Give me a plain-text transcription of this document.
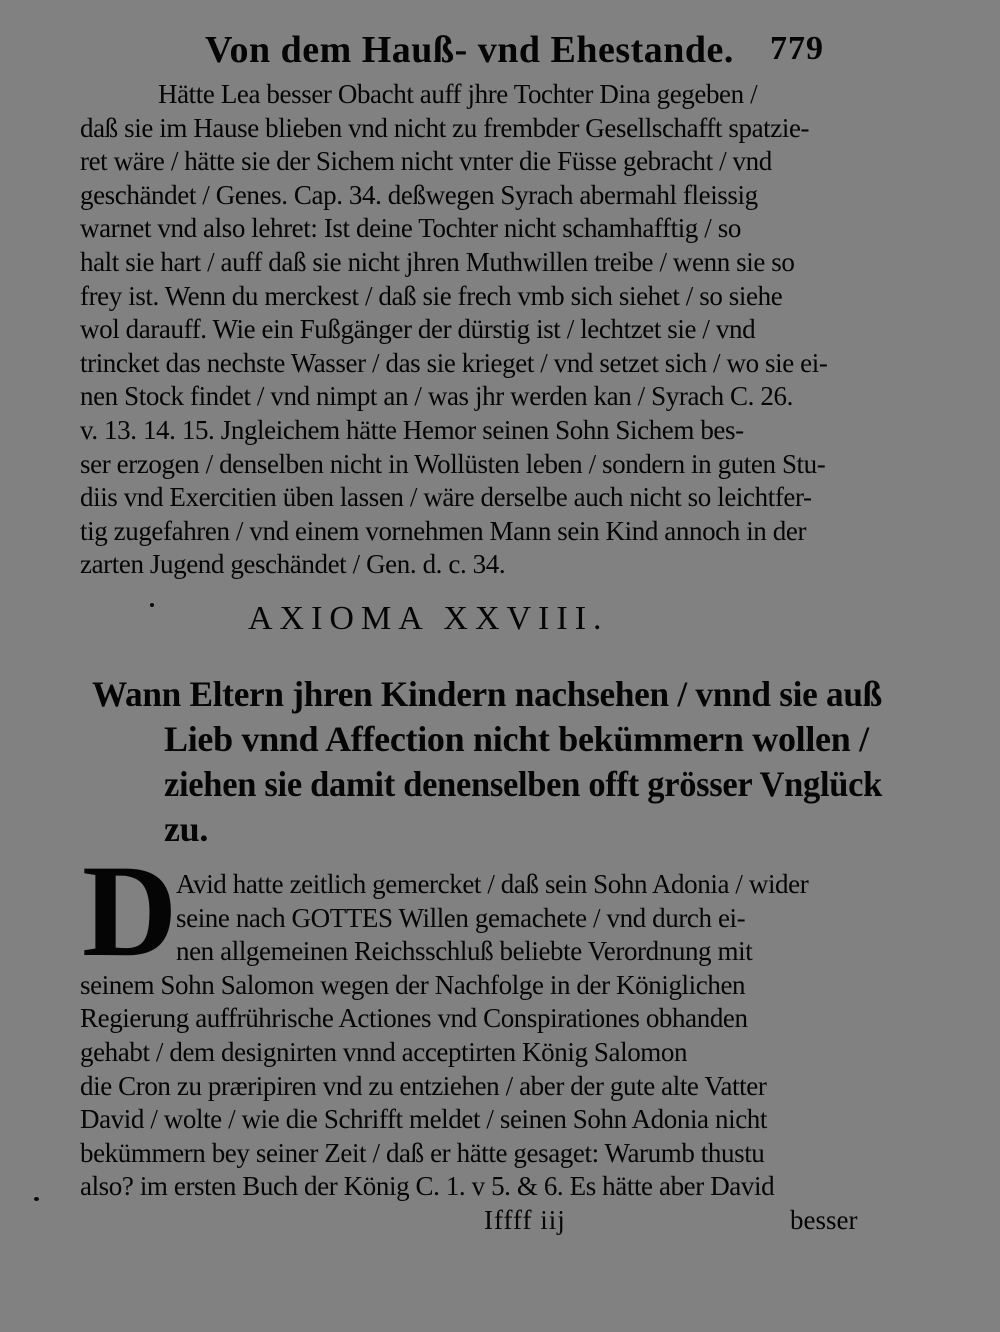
Von dem Hauß- vnd Ehestande. 779
Hätte Lea besser Obacht auff jhre Tochter Dina gegeben /
daß sie im Hause blieben vnd nicht zu frembder Gesellschafft spatzie-
ret wäre / hätte sie der Sichem nicht vnter die Füsse gebracht / vnd
geschändet / Genes. Cap. 34. deßwegen Syrach abermahl fleissig
warnet vnd also lehret: Ist deine Tochter nicht schamhafftig / so
halt sie hart / auff daß sie nicht jhren Muthwillen treibe / wenn sie so
frey ist. Wenn du merckest / daß sie frech vmb sich siehet / so siehe
wol darauff. Wie ein Fußgänger der dürstig ist / lechtzet sie / vnd
trincket das nechste Wasser / das sie krieget / vnd setzet sich / wo sie ei-
nen Stock findet / vnd nimpt an / was jhr werden kan / Syrach C. 26.
v. 13. 14. 15. Jngleichem hätte Hemor seinen Sohn Sichem bes-
ser erzogen / denselben nicht in Wollüsten leben / sondern in guten Stu-
diis vnd Exercitien üben lassen / wäre derselbe auch nicht so leichtfer-
tig zugefahren / vnd einem vornehmen Mann sein Kind annoch in der
zarten Jugend geschändet / Gen. d. c. 34.
AXIOMA XXVIII.
Wann Eltern jhren Kindern nachsehen / vnnd sie auß
Lieb vnnd Affection nicht bekümmern wollen /
ziehen sie damit denenselben offt grösser Vnglück
zu.
D
Avid hatte zeitlich gemercket / daß sein Sohn Adonia / wider
seine nach GOTTES Willen gemachete / vnd durch ei-
nen allgemeinen Reichsschluß beliebte Verordnung mit
seinem Sohn Salomon wegen der Nachfolge in der Königlichen
Regierung auffrührische Actiones vnd Conspirationes obhanden
gehabt / dem designirten vnnd acceptirten König Salomon
die Cron zu præripiren vnd zu entziehen / aber der gute alte Vatter
David / wolte / wie die Schrifft meldet / seinen Sohn Adonia nicht
bekümmern bey seiner Zeit / daß er hätte gesaget: Warumb thustu
also? im ersten Buch der König C. 1. v 5. & 6. Es hätte aber David
Iffff iij	besser
